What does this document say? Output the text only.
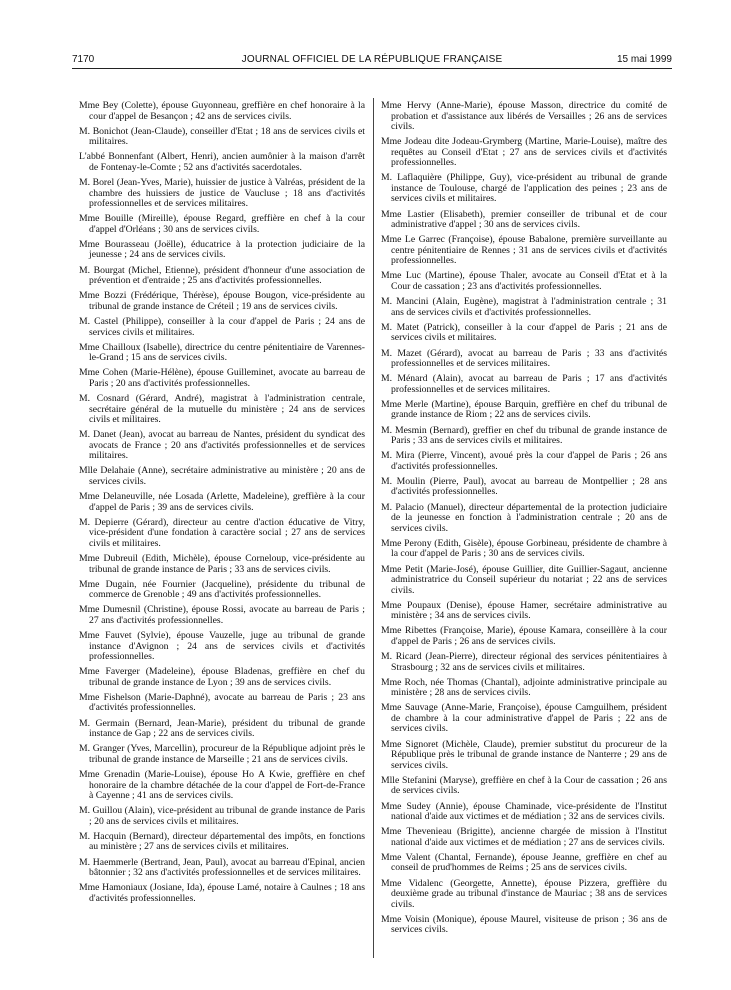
7170	JOURNAL OFFICIEL DE LA RÉPUBLIQUE FRANÇAISE	15 mai 1999

Mme Bey (Colette), épouse Guyonneau, greffière en chef honoraire à la cour d'appel de Besançon ; 42 ans de services civils.

M. Bonichot (Jean-Claude), conseiller d'Etat ; 18 ans de services civils et militaires.

L'abbé Bonnenfant (Albert, Henri), ancien aumônier à la maison d'arrêt de Fontenay-le-Comte ; 52 ans d'activités sacerdotales.

M. Borel (Jean-Yves, Marie), huissier de justice à Valréas, président de la chambre des huissiers de justice de Vaucluse ; 18 ans d'activités professionnelles et de services militaires.

Mme Bouille (Mireille), épouse Regard, greffière en chef à la cour d'appel d'Orléans ; 30 ans de services civils.

Mme Bourasseau (Joëlle), éducatrice à la protection judiciaire de la jeunesse ; 24 ans de services civils.

M. Bourgat (Michel, Etienne), président d'honneur d'une association de prévention et d'entraide ; 25 ans d'activités professionnelles.

Mme Bozzi (Frédérique, Thérèse), épouse Bougon, vice-présidente au tribunal de grande instance de Créteil ; 19 ans de services civils.

M. Castel (Philippe), conseiller à la cour d'appel de Paris ; 24 ans de services civils et militaires.

Mme Chailloux (Isabelle), directrice du centre pénitentiaire de Varennes-le-Grand ; 15 ans de services civils.

Mme Cohen (Marie-Hélène), épouse Guilleminet, avocate au barreau de Paris ; 20 ans d'activités professionnelles.

M. Cosnard (Gérard, André), magistrat à l'administration centrale, secrétaire général de la mutuelle du ministère ; 24 ans de services civils et militaires.

M. Danet (Jean), avocat au barreau de Nantes, président du syndicat des avocats de France ; 20 ans d'activités professionnelles et de services militaires.

Mlle Delahaie (Anne), secrétaire administrative au ministère ; 20 ans de services civils.

Mme Delaneuville, née Losada (Arlette, Madeleine), greffière à la cour d'appel de Paris ; 39 ans de services civils.

M. Depierre (Gérard), directeur au centre d'action éducative de Vitry, vice-président d'une fondation à caractère social ; 27 ans de services civils et militaires.

Mme Dubreuil (Edith, Michèle), épouse Corneloup, vice-présidente au tribunal de grande instance de Paris ; 33 ans de services civils.

Mme Dugain, née Fournier (Jacqueline), présidente du tribunal de commerce de Grenoble ; 49 ans d'activités professionnelles.

Mme Dumesnil (Christine), épouse Rossi, avocate au barreau de Paris ; 27 ans d'activités professionnelles.

Mme Fauvet (Sylvie), épouse Vauzelle, juge au tribunal de grande instance d'Avignon ; 24 ans de services civils et d'activités professionnelles.

Mme Faverger (Madeleine), épouse Bladenas, greffière en chef du tribunal de grande instance de Lyon ; 39 ans de services civils.

Mme Fishelson (Marie-Daphné), avocate au barreau de Paris ; 23 ans d'activités professionnelles.

M. Germain (Bernard, Jean-Marie), président du tribunal de grande instance de Gap ; 22 ans de services civils.

M. Granger (Yves, Marcellin), procureur de la République adjoint près le tribunal de grande instance de Marseille ; 21 ans de services civils.

Mme Grenadin (Marie-Louise), épouse Ho A Kwie, greffière en chef honoraire de la chambre détachée de la cour d'appel de Fort-de-France à Cayenne ; 41 ans de services civils.

M. Guillou (Alain), vice-président au tribunal de grande instance de Paris ; 20 ans de services civils et militaires.

M. Hacquin (Bernard), directeur départemental des impôts, en fonctions au ministère ; 27 ans de services civils et militaires.

M. Haemmerle (Bertrand, Jean, Paul), avocat au barreau d'Epinal, ancien bâtonnier ; 32 ans d'activités professionnelles et de services militaires.

Mme Hamoniaux (Josiane, Ida), épouse Lamé, notaire à Caulnes ; 18 ans d'activités professionnelles.

Mme Hervy (Anne-Marie), épouse Masson, directrice du comité de probation et d'assistance aux libérés de Versailles ; 26 ans de services civils.

Mme Jodeau dite Jodeau-Grymberg (Martine, Marie-Louise), maître des requêtes au Conseil d'Etat ; 27 ans de services civils et d'activités professionnelles.

M. Laflaquière (Philippe, Guy), vice-président au tribunal de grande instance de Toulouse, chargé de l'application des peines ; 23 ans de services civils et militaires.

Mme Lastier (Elisabeth), premier conseiller de tribunal et de cour administrative d'appel ; 30 ans de services civils.

Mme Le Garrec (Françoise), épouse Babalone, première surveillante au centre pénitentiaire de Rennes ; 31 ans de services civils et d'activités professionnelles.

Mme Luc (Martine), épouse Thaler, avocate au Conseil d'Etat et à la Cour de cassation ; 23 ans d'activités professionnelles.

M. Mancini (Alain, Eugène), magistrat à l'administration centrale ; 31 ans de services civils et d'activités professionnelles.

M. Matet (Patrick), conseiller à la cour d'appel de Paris ; 21 ans de services civils et militaires.

M. Mazet (Gérard), avocat au barreau de Paris ; 33 ans d'activités professionnelles et de services militaires.

M. Ménard (Alain), avocat au barreau de Paris ; 17 ans d'activités professionnelles et de services militaires.

Mme Merle (Martine), épouse Barquin, greffière en chef du tribunal de grande instance de Riom ; 22 ans de services civils.

M. Mesmin (Bernard), greffier en chef du tribunal de grande instance de Paris ; 33 ans de services civils et militaires.

M. Mira (Pierre, Vincent), avoué près la cour d'appel de Paris ; 26 ans d'activités professionnelles.

M. Moulin (Pierre, Paul), avocat au barreau de Montpellier ; 28 ans d'activités professionnelles.

M. Palacio (Manuel), directeur départemental de la protection judiciaire de la jeunesse en fonction à l'administration centrale ; 20 ans de services civils.

Mme Perony (Edith, Gisèle), épouse Gorbineau, présidente de chambre à la cour d'appel de Paris ; 30 ans de services civils.

Mme Petit (Marie-José), épouse Guillier, dite Guillier-Sagaut, ancienne administratrice du Conseil supérieur du notariat ; 22 ans de services civils.

Mme Poupaux (Denise), épouse Hamer, secrétaire administrative au ministère ; 34 ans de services civils.

Mme Ribettes (Françoise, Marie), épouse Kamara, conseillère à la cour d'appel de Paris ; 26 ans de services civils.

M. Ricard (Jean-Pierre), directeur régional des services pénitentiaires à Strasbourg ; 32 ans de services civils et militaires.

Mme Roch, née Thomas (Chantal), adjointe administrative principale au ministère ; 28 ans de services civils.

Mme Sauvage (Anne-Marie, Françoise), épouse Camguilhem, président de chambre à la cour administrative d'appel de Paris ; 22 ans de services civils.

Mme Signoret (Michèle, Claude), premier substitut du procureur de la République près le tribunal de grande instance de Nanterre ; 29 ans de services civils.

Mlle Stefanini (Maryse), greffière en chef à la Cour de cassation ; 26 ans de services civils.

Mme Sudey (Annie), épouse Chaminade, vice-présidente de l'Institut national d'aide aux victimes et de médiation ; 32 ans de services civils.

Mme Thevenieau (Brigitte), ancienne chargée de mission à l'Institut national d'aide aux victimes et de médiation ; 27 ans de services civils.

Mme Valent (Chantal, Fernande), épouse Jeanne, greffière en chef au conseil de prud'hommes de Reims ; 25 ans de services civils.

Mme Vidalenc (Georgette, Annette), épouse Pizzera, greffière du deuxième grade au tribunal d'instance de Mauriac ; 38 ans de services civils.

Mme Voisin (Monique), épouse Maurel, visiteuse de prison ; 36 ans de services civils.
